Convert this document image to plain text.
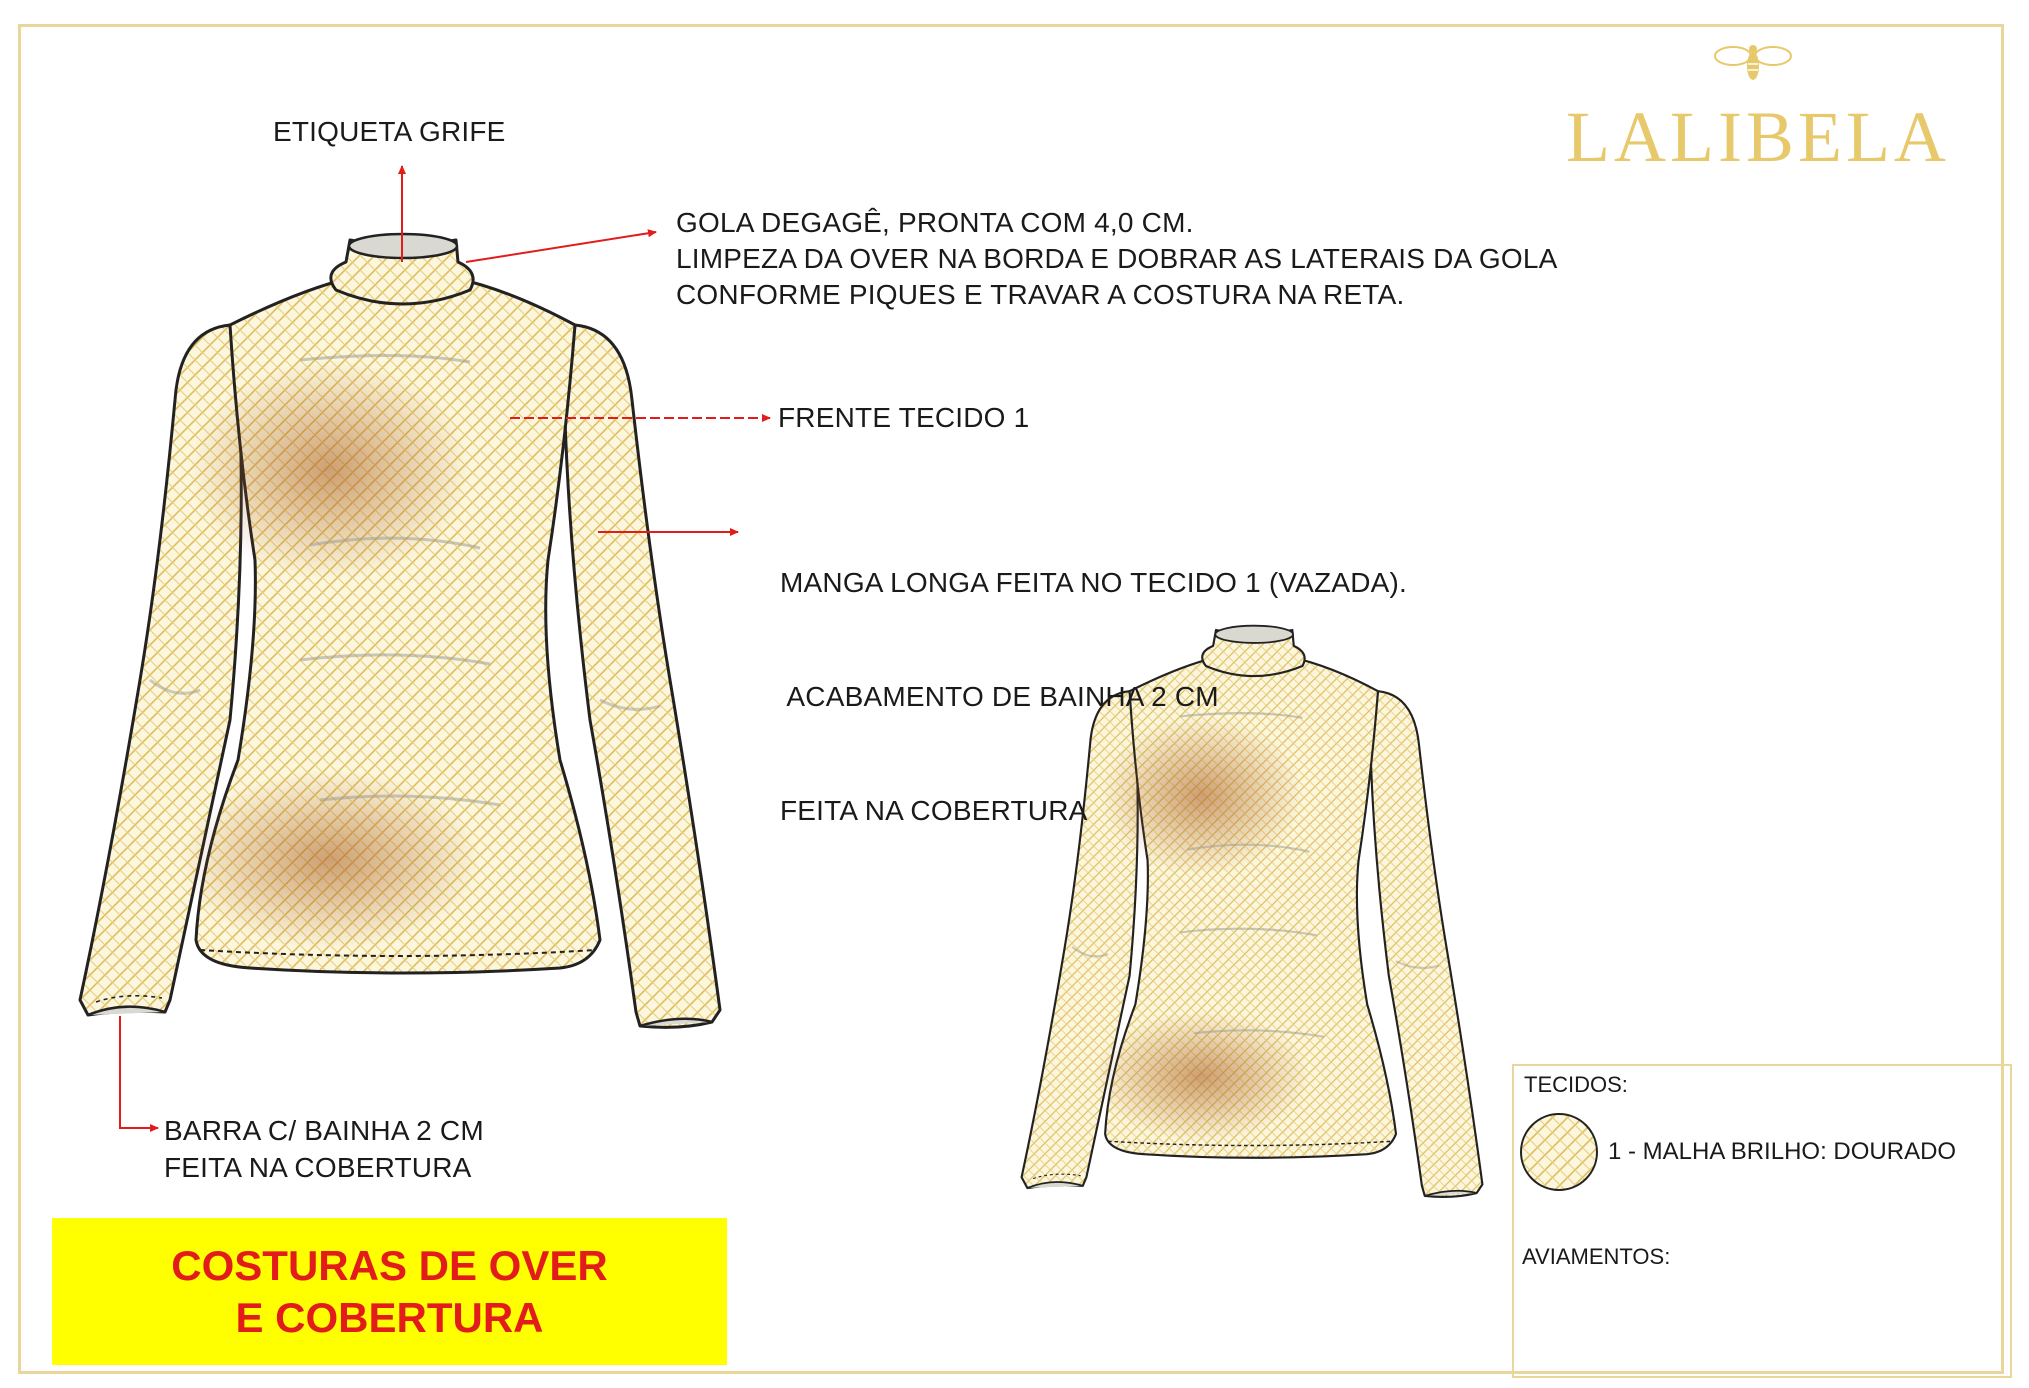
ETIQUETA GRIFE
GOLA DEGAGÊ, PRONTA COM 4,0 CM.
LIMPEZA DA OVER NA BORDA E DOBRAR AS LATERAIS DA GOLA
CONFORME PIQUES E TRAVAR A COSTURA NA RETA.
FRENTE TECIDO 1

MANGA LONGA FEITA NO TECIDO 1 (VAZADA).

ACABAMENTO DE BAINHA 2 CM

FEITA NA COBERTURA

BARRA C/ BAINHA 2 CM
FEITA NA COBERTURA
LALIBELA
COSTURAS DE OVER
E COBERTURA
TECIDOS:
1 - MALHA BRILHO: DOURADO
AVIAMENTOS:
